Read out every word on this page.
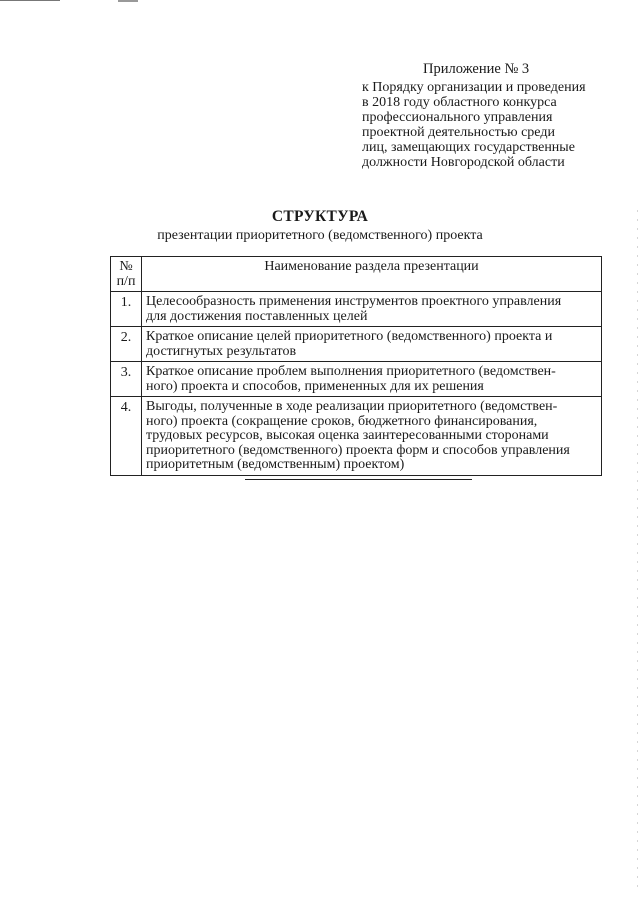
Приложение № 3
к Порядку организации и проведения
в 2018 году областного конкурса
профессионального управления
проектной деятельностью среди
лиц, замещающих государственные
должности Новгородской области
СТРУКТУРА
презентации приоритетного (ведомственного) проекта
№
п/п	Наименование раздела презентации
1.	Целесообразность применения инструментов проектного управления
для достижения поставленных целей

2.	Краткое описание целей приоритетного (ведомственного) проекта и
достигнутых результатов

3.	Краткое описание проблем выполнения приоритетного (ведомствен-
ного) проекта и способов, примененных для их решения

4.	Выгоды, полученные в ходе реализации приоритетного (ведомствен-
ного) проекта (сокращение сроков, бюджетного финансирования,
трудовых ресурсов, высокая оценка заинтересованными сторонами
приоритетного (ведомственного) проекта форм и способов управления
приоритетным (ведомственным) проектом)
